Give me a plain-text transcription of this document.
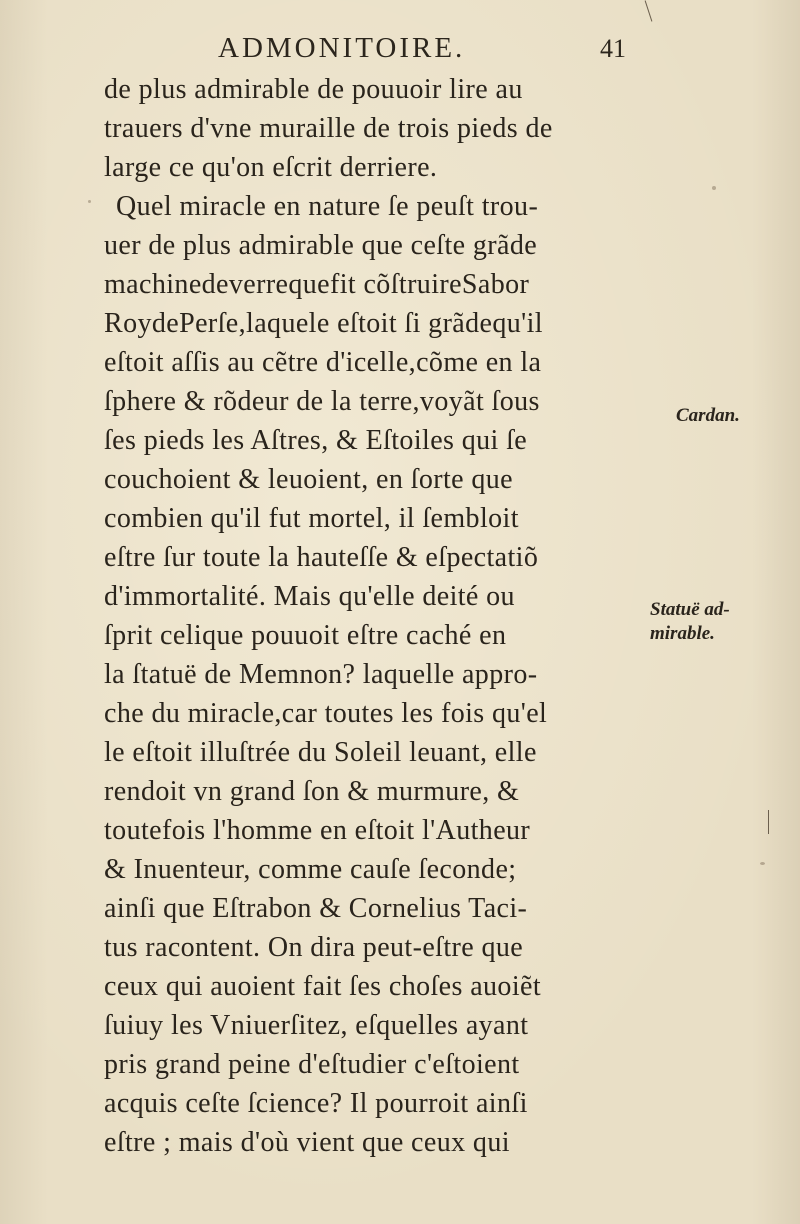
ADMONITOIRE.	41
de plus admirable de pouuoir lire au
trauers d'vne muraille de trois pieds de
large ce qu'on eſcrit derriere.
Quel miracle en nature ſe peuſt trou-
uer de plus admirable que ceſte grãde
machinedeverrequefit cõſtruireSabor
RoydePerſe,laquele eſtoit ſi grãdequ'il
eſtoit aſſis au cẽtre d'icelle,cõme en la
ſphere & rõdeur de la terre,voyãt ſous
ſes pieds les Aſtres, & Eſtoiles qui ſe
couchoient & leuoient, en ſorte que
combien qu'il fut mortel, il ſembloit
eſtre ſur toute la hauteſſe & eſpectatiõ
d'immortalité. Mais qu'elle deité ou
ſprit celique pouuoit eſtre caché en
la ſtatuë de Memnon? laquelle appro-
che du miracle,car toutes les fois qu'el
le eſtoit illuſtrée du Soleil leuant, elle
rendoit vn grand ſon & murmure, &
toutefois l'homme en eſtoit l'Autheur
& Inuenteur, comme cauſe ſeconde;
ainſi que Eſtrabon & Cornelius Taci-
tus racontent. On dira peut-eſtre que
ceux qui auoient fait ſes choſes auoiẽt
ſuiuy les Vniuerſitez, eſquelles ayant
pris grand peine d'eſtudier c'eſtoient
acquis ceſte ſcience? Il pourroit ainſi
eſtre ; mais d'où vient que ceux qui
Cardan.
Statuë ad-
mirable.
